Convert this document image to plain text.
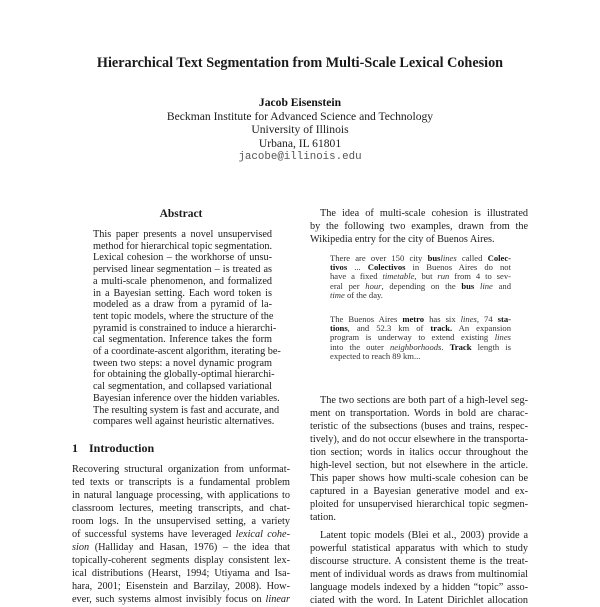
Hierarchical Text Segmentation from Multi-Scale Lexical Cohesion
Jacob Eisenstein
Beckman Institute for Advanced Science and Technology
University of Illinois
Urbana, IL 61801
jacobe@illinois.edu
Abstract
This paper presents a novel unsupervised
method for hierarchical topic segmentation.
Lexical cohesion – the workhorse of unsu-
pervised linear segmentation – is treated as
a multi-scale phenomenon, and formalized
in a Bayesian setting. Each word token is
modeled as a draw from a pyramid of la-
tent topic models, where the structure of the
pyramid is constrained to induce a hierarchi-
cal segmentation. Inference takes the form
of a coordinate-ascent algorithm, iterating be-
tween two steps: a novel dynamic program
for obtaining the globally-optimal hierarchi-
cal segmentation, and collapsed variational
Bayesian inference over the hidden variables.
The resulting system is fast and accurate, and
compares well against heuristic alternatives.
1 Introduction
Recovering structural organization from unformat-
ted texts or transcripts is a fundamental problem
in natural language processing, with applications to
classroom lectures, meeting transcripts, and chat-
room logs. In the unsupervised setting, a variety
of successful systems have leveraged lexical cohe-
sion (Halliday and Hasan, 1976) – the idea that
topically-coherent segments display consistent lex-
ical distributions (Hearst, 1994; Utiyama and Isa-
hara, 2001; Eisenstein and Barzilay, 2008). How-
ever, such systems almost invisibly focus on linear
The idea of multi-scale cohesion is illustrated
by the following two examples, drawn from the
Wikipedia entry for the city of Buenos Aires.
There are over 150 city buslines called Colec-
tivos ... Colectivos in Buenos Aires do not
have a fixed timetable, but run from 4 to sev-
eral per hour, depending on the bus line and
time of the day.
The Buenos Aires metro has six lines, 74 sta-
tions, and 52.3 km of track. An expansion
program is underway to extend existing lines
into the outer neighborhoods. Track length is
expected to reach 89 km...
The two sections are both part of a high-level seg-
ment on transportation. Words in bold are charac-
teristic of the subsections (buses and trains, respec-
tively), and do not occur elsewhere in the transporta-
tion section; words in italics occur throughout the
high-level section, but not elsewhere in the article.
This paper shows how multi-scale cohesion can be
captured in a Bayesian generative model and ex-
ploited for unsupervised hierarchical topic segmen-
tation.
Latent topic models (Blei et al., 2003) provide a
powerful statistical apparatus with which to study
discourse structure. A consistent theme is the treat-
ment of individual words as draws from multinomial
language models indexed by a hidden “topic” asso-
ciated with the word. In Latent Dirichlet allocation
